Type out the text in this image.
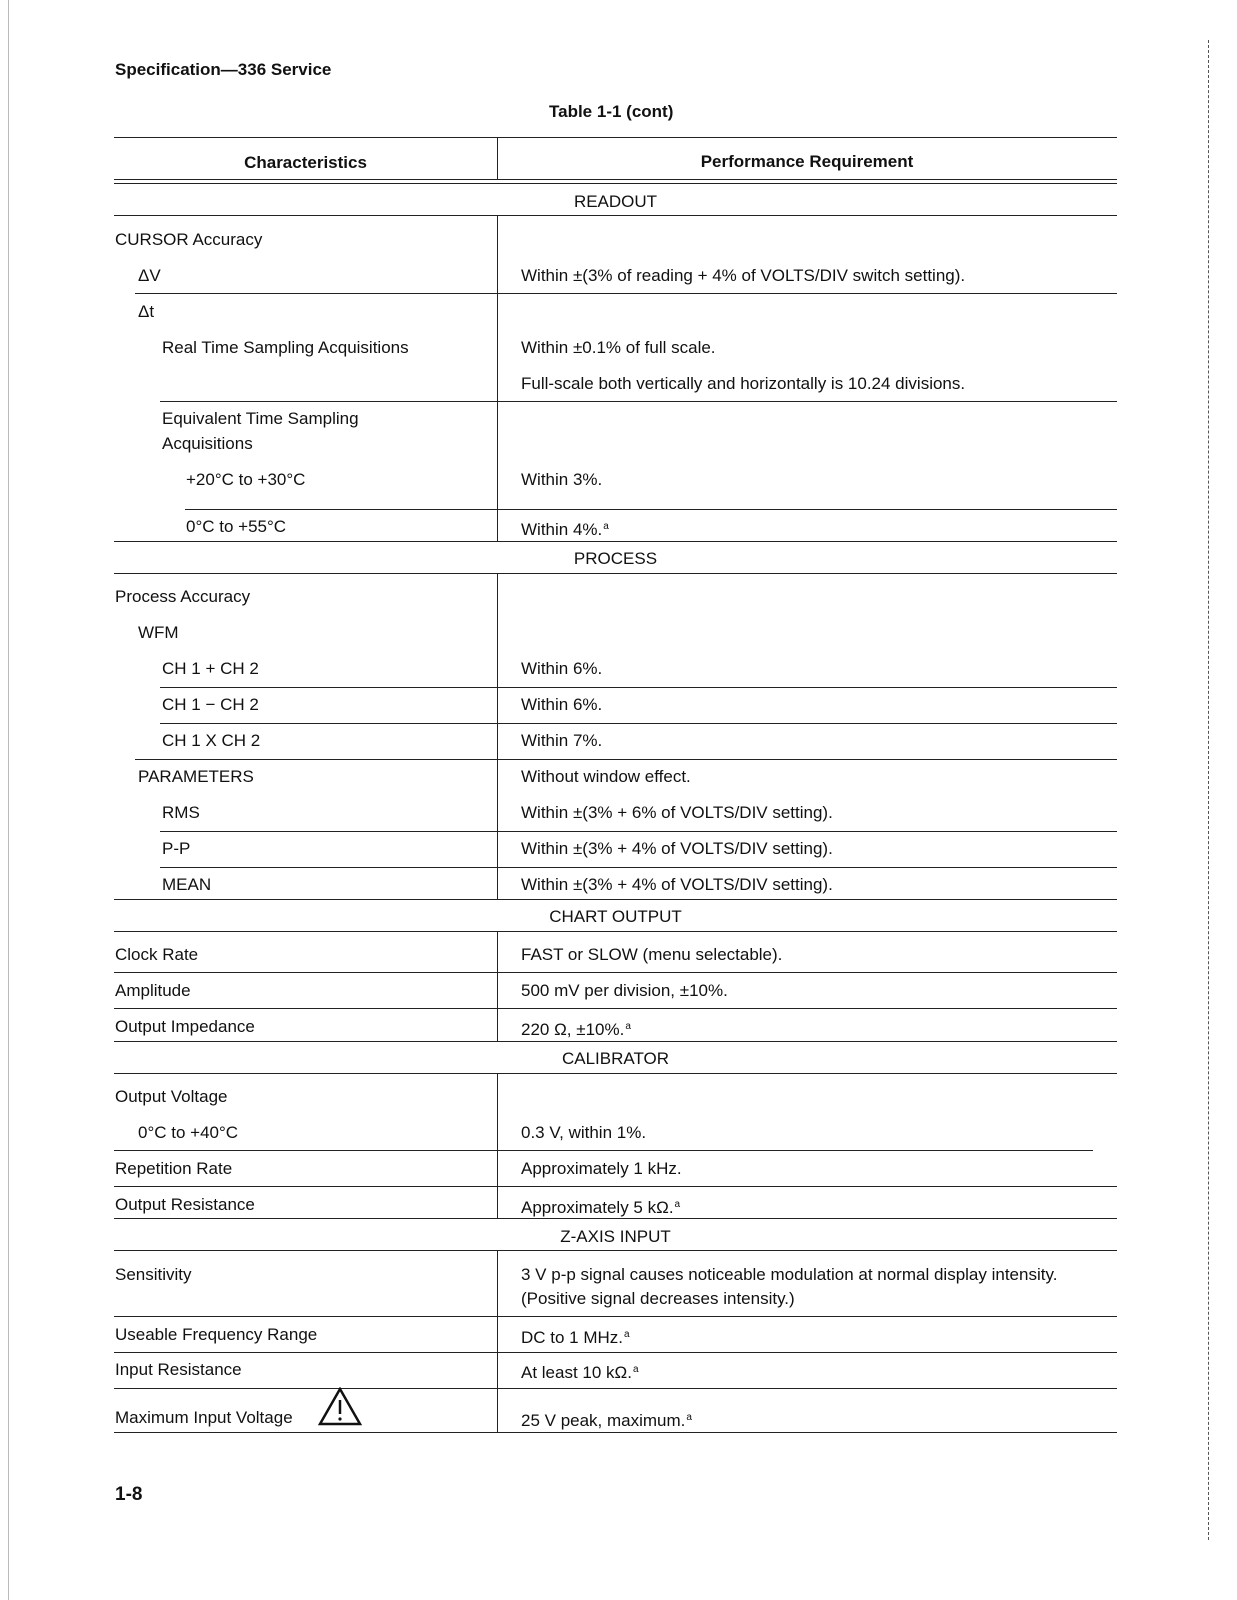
Specification—336 Service
Table 1-1 (cont)
1-8
Characteristics	Performance Requirement
READOUT
CURSOR Accuracy
ΔV	Within ±(3% of reading + 4% of VOLTS/DIV switch setting).
Δt
Real Time Sampling Acquisitions	Within ±0.1% of full scale.
Full-scale both vertically and horizontally is 10.24 divisions.
Equivalent Time Sampling
Acquisitions
+20°C to +30°C	Within 3%.
0°C to +55°C	Within 4%.$^a$
PROCESS
Process Accuracy
WFM
CH 1 + CH 2	Within 6%.
CH 1 − CH 2	Within 6%.
CH 1 X CH 2	Within 7%.
PARAMETERS	Without window effect.
RMS	Within ±(3% + 6% of VOLTS/DIV setting).
P-P	Within ±(3% + 4% of VOLTS/DIV setting).
MEAN	Within ±(3% + 4% of VOLTS/DIV setting).
CHART OUTPUT
Clock Rate	FAST or SLOW (menu selectable).
Amplitude	500 mV per division, ±10%.
Output Impedance	220 Ω, ±10%.$^a$
CALIBRATOR
Output Voltage
0°C to +40°C	0.3 V, within 1%.
Repetition Rate	Approximately 1 kHz.
Output Resistance	Approximately 5 kΩ.$^a$
Z-AXIS INPUT
Sensitivity	3 V p-p signal causes noticeable modulation at normal display intensity.
(Positive signal decreases intensity.)
Useable Frequency Range	DC to 1 MHz.$^a$
Input Resistance	At least 10 kΩ.$^a$
Maximum Input Voltage	25 V peak, maximum.$^a$
